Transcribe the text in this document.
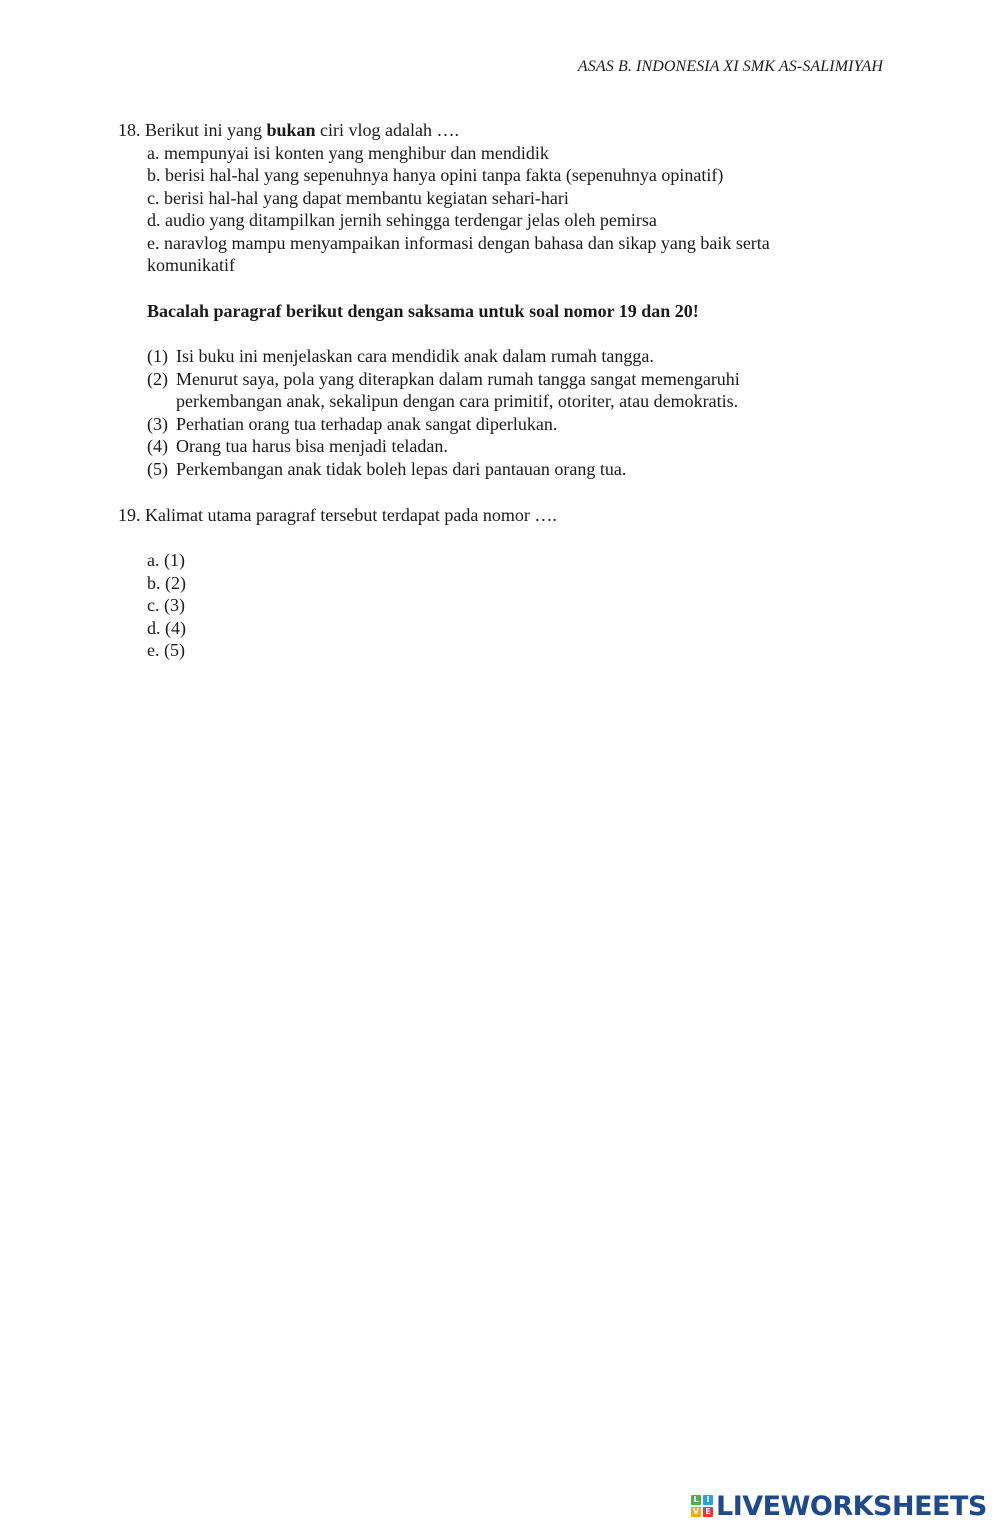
ASAS B. INDONESIA XI SMK AS-SALIMIYAH
18. Berikut ini yang bukan ciri vlog adalah ….
a. mempunyai isi konten yang menghibur dan mendidik
b. berisi hal-hal yang sepenuhnya hanya opini tanpa fakta (sepenuhnya opinatif)
c. berisi hal-hal yang dapat membantu kegiatan sehari-hari
d. audio yang ditampilkan jernih sehingga terdengar jelas oleh pemirsa
e. naravlog mampu menyampaikan informasi dengan bahasa dan sikap yang baik serta
komunikatif
Bacalah paragraf berikut dengan saksama untuk soal nomor 19 dan 20!
(1) Isi buku ini menjelaskan cara mendidik anak dalam rumah tangga.
(2) Menurut saya, pola yang diterapkan dalam rumah tangga sangat memengaruhi
perkembangan anak, sekalipun dengan cara primitif, otoriter, atau demokratis.
(3) Perhatian orang tua terhadap anak sangat diperlukan.
(4) Orang tua harus bisa menjadi teladan.
(5) Perkembangan anak tidak boleh lepas dari pantauan orang tua.
19. Kalimat utama paragraf tersebut terdapat pada nomor ….
a. (1)
b. (2)
c. (3)
d. (4)
e. (5)
L I
V E LIVEWORKSHEETS
